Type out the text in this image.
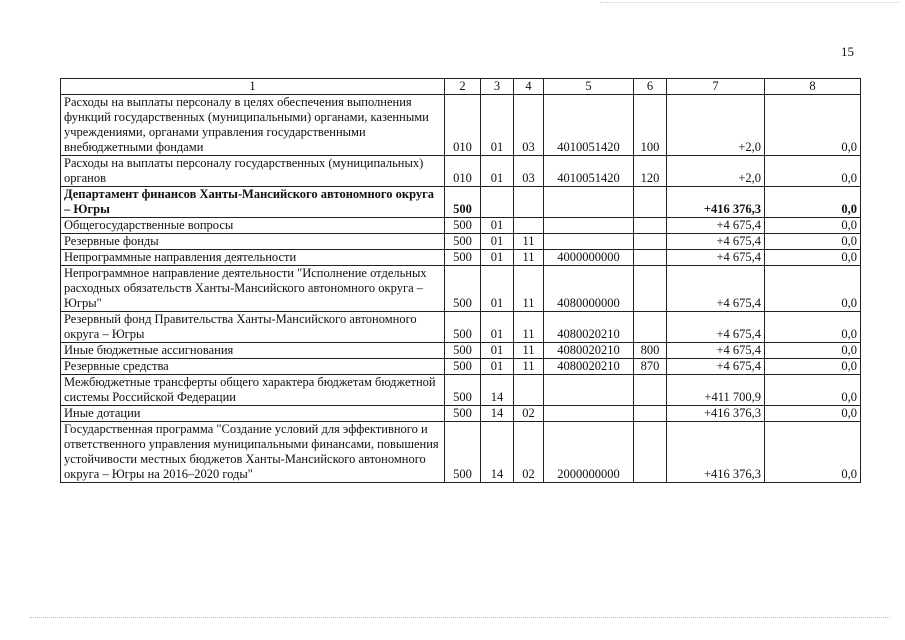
15
1	2	3	4	5	6	7	8
Расходы на выплаты персоналу в целях обеспечения выполнения функций государственных (муниципальными) органами, казенными учреждениями, органами управления государственными внебюджетными фондами	010	01	03	4010051420	100	+2,0	0,0
Расходы на выплаты персоналу государственных (муниципальных) органов	010	01	03	4010051420	120	+2,0	0,0
Департамент финансов Ханты-Мансийского автономного округа – Югры	500					+416 376,3	0,0
Общегосударственные вопросы	500	01				+4 675,4	0,0
Резервные фонды	500	01	11			+4 675,4	0,0
Непрограммные направления деятельности	500	01	11	4000000000		+4 675,4	0,0
Непрограммное направление деятельности "Исполнение отдельных расходных обязательств Ханты-Мансийского автономного округа – Югры"	500	01	11	4080000000		+4 675,4	0,0
Резервный фонд Правительства Ханты-Мансийского автономного округа – Югры	500	01	11	4080020210		+4 675,4	0,0
Иные бюджетные ассигнования	500	01	11	4080020210	800	+4 675,4	0,0
Резервные средства	500	01	11	4080020210	870	+4 675,4	0,0
Межбюджетные трансферты общего характера бюджетам бюджетной системы Российской Федерации	500	14				+411 700,9	0,0
Иные дотации	500	14	02			+416 376,3	0,0
Государственная программа "Создание условий для эффективного и ответственного управления муниципальными финансами, повышения устойчивости местных бюджетов Ханты-Мансийского автономного округа – Югры на 2016–2020 годы"	500	14	02	2000000000		+416 376,3	0,0
